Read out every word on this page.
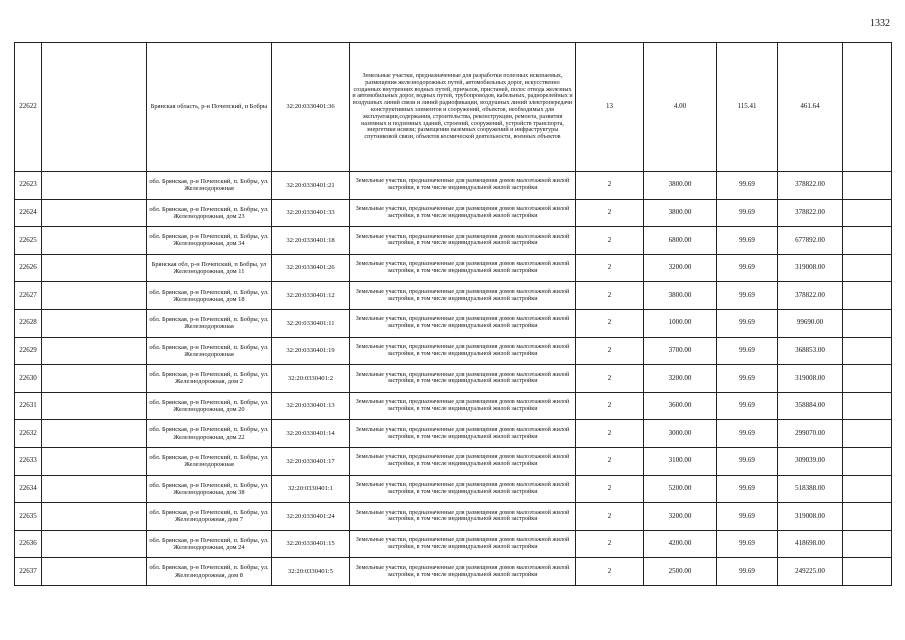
1332
22622		Брянская область, р-н Почепский, п Бобры	32:20:0330401:36	Земельные участки, предназначенные для разработки полезных ископаемых, размещения железнодорожных путей, автомобильных дорог, искусственно созданных внутренних водных путей, причалов, пристаней, полос отвода железных и автомобильных дорог, водных путей, трубопроводов, кабельных, радиорелейных и воздушных линий связи и линий радиофикации, воздушных линий электропередачи конструктивных элементов и сооружений, объектов, необходимых для эксплуатации,содержания, строительства, реконструкции, ремонта, развития наземных и подземных зданий, строений, сооружений, устройств транспорта, энергетики исвязи; размещения наземных сооружений и инфраструктуры спутниковой связи, объектов космической деятельности, военных объектов	13	4.00	115.41	461.64	
22623		обл. Брянская, р-н Почепский, п. Бобры, ул. Железнодорожная	32:20:0330401:21	Земельные участки, предназначенные для размещения домов малоэтажной жилой застройки, в том числе индивидуальной жилой застройки	2	3800.00	99.69	378822.00	
22624		обл. Брянская, р-н Почепский, п. Бобры, ул. Железнодорожная, дом 23	32:20:0330401:33	Земельные участки, предназначенные для размещения домов малоэтажной жилой застройки, в том числе индивидуальной жилой застройки	2	3800.00	99.69	378822.00	
22625		обл. Брянская, р-н Почепский, п. Бобры, ул. Железнодорожная, дом 34	32:20:0330401:18	Земельные участки, предназначенные для размещения домов малоэтажной жилой застройки, в том числе индивидуальной жилой застройки	2	6800.00	99.69	677892.00	
22626		Брянская обл, р-н Почепский, п Бобры, ул Железнодорожная, дом 11	32:20:0330401:26	Земельные участки, предназначенные для размещения домов малоэтажной жилой застройки, в том числе индивидуальной жилой застройки	2	3200.00	99.69	319008.00	
22627		обл. Брянская, р-н Почепский, п. Бобры, ул. Железнодорожная, дом 18	32:20:0330401:12	Земельные участки, предназначенные для размещения домов малоэтажной жилой застройки, в том числе индивидуальной жилой застройки	2	3800.00	99.69	378822.00	
22628		обл. Брянская, р-н Почепский, п. Бобры, ул. Железнодорожная	32:20:0330401:11	Земельные участки, предназначенные для размещения домов малоэтажной жилой застройки, в том числе индивидуальной жилой застройки	2	1000.00	99.69	99690.00	
22629		обл. Брянская, р-н Почепский, п. Бобры, ул. Железнодорожная	32:20:0330401:19	Земельные участки, предназначенные для размещения домов малоэтажной жилой застройки, в том числе индивидуальной жилой застройки	2	3700.00	99.69	368853.00	
22630		обл. Брянская, р-н Почепский, п. Бобры, ул. Железнодорожная, дом 2	32:20:0330401:2	Земельные участки, предназначенные для размещения домов малоэтажной жилой застройки, в том числе индивидуальной жилой застройки	2	3200.00	99.69	319008.00	
22631		обл. Брянская, р-н Почепский, п. Бобры, ул. Железнодорожная, дом 20	32:20:0330401:13	Земельные участки, предназначенные для размещения домов малоэтажной жилой застройки, в том числе индивидуальной жилой застройки	2	3600.00	99.69	358884.00	
22632		обл. Брянская, р-н Почепский, п. Бобры, ул. Железнодорожная, дом 22	32:20:0330401:14	Земельные участки, предназначенные для размещения домов малоэтажной жилой застройки, в том числе индивидуальной жилой застройки	2	3000.00	99.69	299070.00	
22633		обл. Брянская, р-н Почепский, п. Бобры, ул. Железнодорожная	32:20:0330401:17	Земельные участки, предназначенные для размещения домов малоэтажной жилой застройки, в том числе индивидуальной жилой застройки	2	3100.00	99.69	309039.00	
22634		обл. Брянская, р-н Почепский, п. Бобры, ул. Железнодорожная, дом 38	32:20:0330401:1	Земельные участки, предназначенные для размещения домов малоэтажной жилой застройки, в том числе индивидуальной жилой застройки	2	5200.00	99.69	518388.00	
22635		обл. Брянская, р-н Почепский, п. Бобры, ул. Железнодорожная, дом 7	32:20:0330401:24	Земельные участки, предназначенные для размещения домов малоэтажной жилой застройки, в том числе индивидуальной жилой застройки	2	3200.00	99.69	319008.00	
22636		обл. Брянская, р-н Почепский, п. Бобры, ул. Железнодорожная, дом 24	32:20:0330401:15	Земельные участки, предназначенные для размещения домов малоэтажной жилой застройки, в том числе индивидуальной жилой застройки	2	4200.00	99.69	418698.00	
22637		обл. Брянская, р-н Почепский, п. Бобры, ул. Железнодорожная, дом 8	32:20:0330401:5	Земельные участки, предназначенные для размещения домов малоэтажной жилой застройки, в том числе индивидуальной жилой застройки	2	2500.00	99.69	249225.00	
